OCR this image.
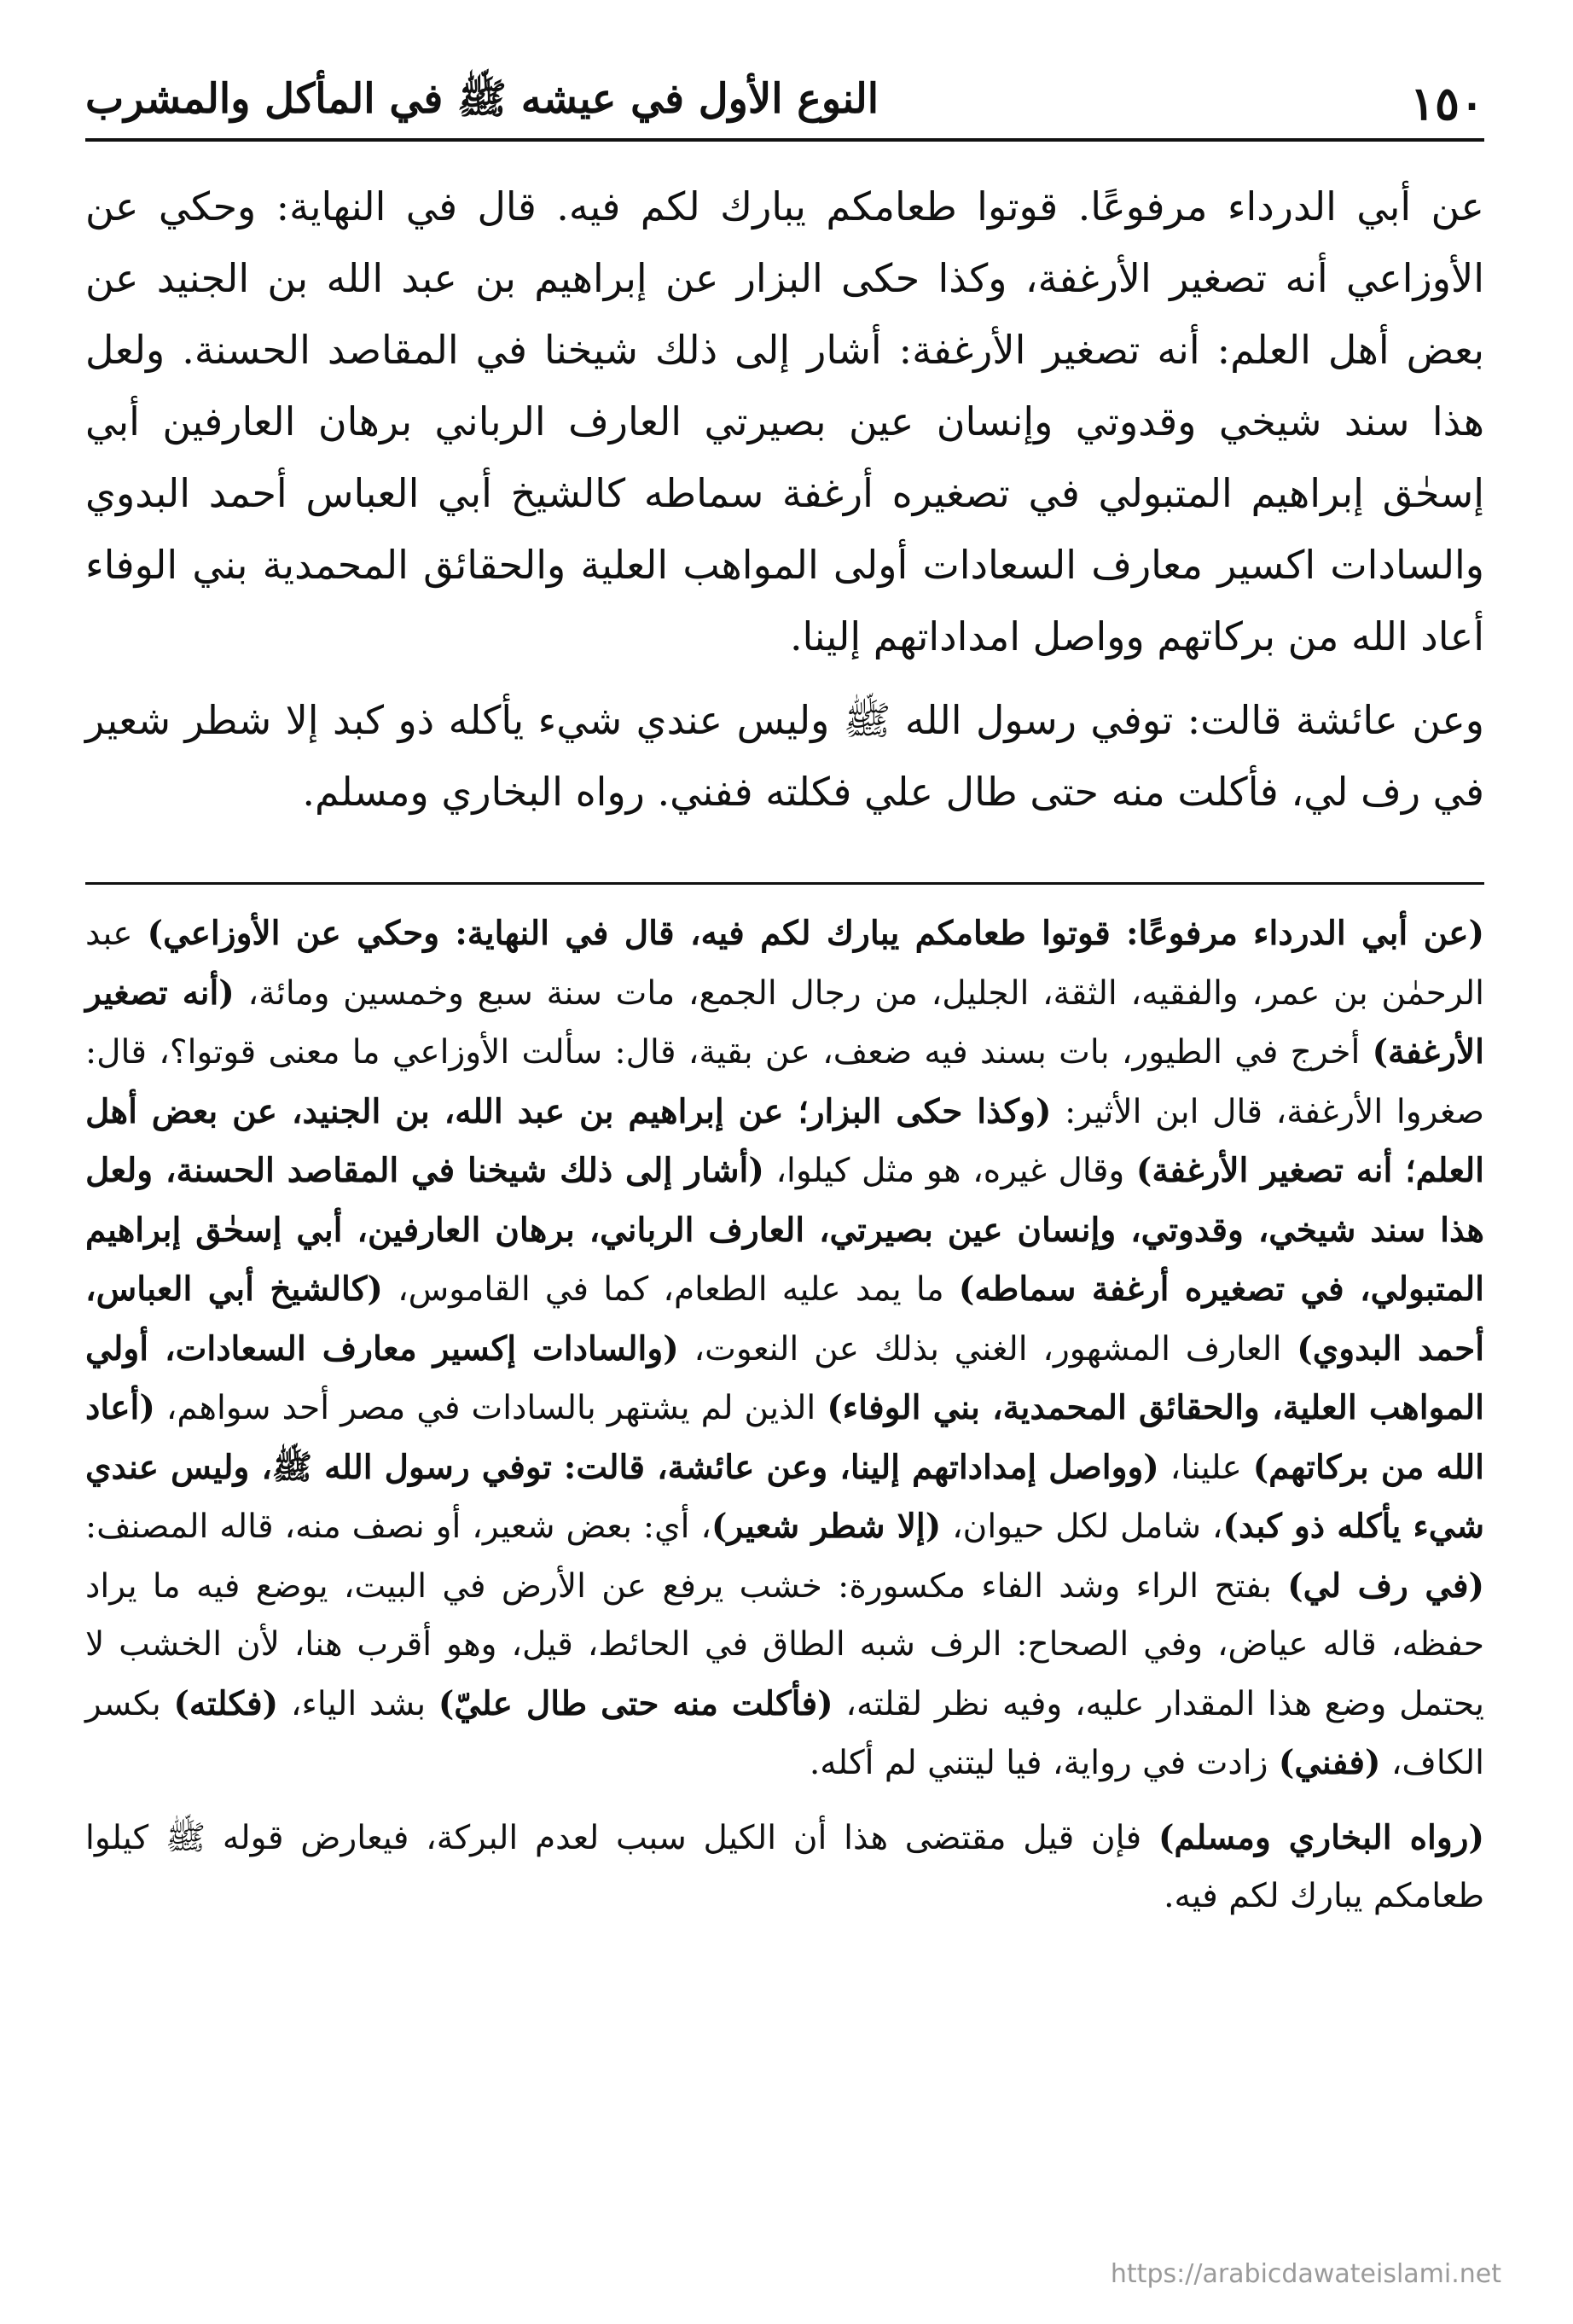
١٥٠
النوع الأول في عيشه ﷺ في المأكل والمشرب

عن أبي الدرداء مرفوعًا. قوتوا طعامكم يبارك لكم فيه. قال في النهاية: وحكي عن الأوزاعي أنه تصغير الأرغفة، وكذا حكى البزار عن إبراهيم بن عبد الله بن الجنيد عن بعض أهل العلم: أنه تصغير الأرغفة: أشار إلى ذلك شيخنا في المقاصد الحسنة. ولعل هذا سند شيخي وقدوتي وإنسان عين بصيرتي العارف الرباني برهان العارفين أبي إسحٰق إبراهيم المتبولي في تصغيره أرغفة سماطه كالشيخ أبي العباس أحمد البدوي والسادات اكسير معارف السعادات أولى المواهب العلية والحقائق المحمدية بني الوفاء أعاد الله من بركاتهم وواصل امداداتهم إلينا.

وعن عائشة قالت: توفي رسول الله ﷺ وليس عندي شيء يأكله ذو كبد إلا شطر شعير في رف لي، فأكلت منه حتى طال علي فكلته ففني. رواه البخاري ومسلم.

(عن أبي الدرداء مرفوعًا: قوتوا طعامكم يبارك لكم فيه، قال في النهاية: وحكي عن الأوزاعي) عبد الرحمٰن بن عمر، والفقيه، الثقة، الجليل، من رجال الجمع، مات سنة سبع وخمسين ومائة، (أنه تصغير الأرغفة) أخرج في الطيور، بات بسند فيه ضعف، عن بقية، قال: سألت الأوزاعي ما معنى قوتوا؟، قال: صغروا الأرغفة، قال ابن الأثير: (وكذا حكى البزار؛ عن إبراهيم بن عبد الله، بن الجنيد، عن بعض أهل العلم؛ أنه تصغير الأرغفة) وقال غيره، هو مثل كيلوا، (أشار إلى ذلك شيخنا في المقاصد الحسنة، ولعل هذا سند شيخي، وقدوتي، وإنسان عين بصيرتي، العارف الرباني، برهان العارفين، أبي إسحٰق إبراهيم المتبولي، في تصغيره أرغفة سماطه) ما يمد عليه الطعام، كما في القاموس، (كالشيخ أبي العباس، أحمد البدوي) العارف المشهور، الغني بذلك عن النعوت، (والسادات إكسير معارف السعادات، أولي المواهب العلية، والحقائق المحمدية، بني الوفاء) الذين لم يشتهر بالسادات في مصر أحد سواهم، (أعاد الله من بركاتهم) علينا، (وواصل إمداداتهم إلينا، وعن عائشة، قالت: توفي رسول الله ﷺ، وليس عندي شيء يأكله ذو كبد)، شامل لكل حيوان، (إلا شطر شعير)، أي: بعض شعير، أو نصف منه، قاله المصنف: (في رف لي) بفتح الراء وشد الفاء مكسورة: خشب يرفع عن الأرض في البيت، يوضع فيه ما يراد حفظه، قاله عياض، وفي الصحاح: الرف شبه الطاق في الحائط، قيل، وهو أقرب هنا، لأن الخشب لا يحتمل وضع هذا المقدار عليه، وفيه نظر لقلته، (فأكلت منه حتى طال عليّ) بشد الياء، (فكلته) بكسر الكاف، (ففني) زادت في رواية، فيا ليتني لم أكله.

(رواه البخاري ومسلم) فإن قيل مقتضى هذا أن الكيل سبب لعدم البركة، فيعارض قوله ﷺ كيلوا طعامكم يبارك لكم فيه.

https://arabicdawateislami.net
